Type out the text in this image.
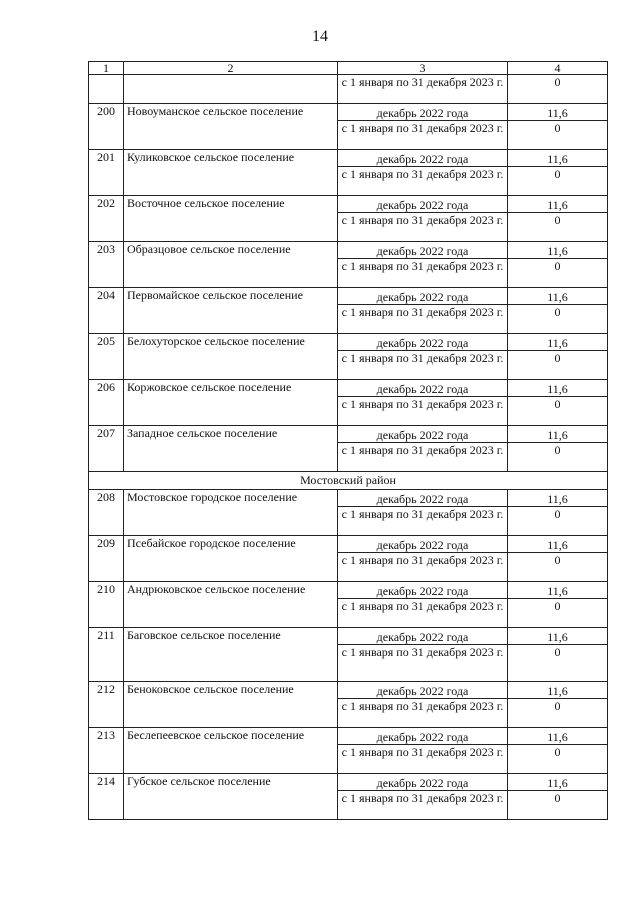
14
1	2	3	4
		с 1 января по 31 декабря 2023 г.	0
200	Новоуманское сельское поселение	декабрь 2022 года	11,6
		с 1 января по 31 декабря 2023 г.	0
201	Куликовское сельское поселение	декабрь 2022 года	11,6
		с 1 января по 31 декабря 2023 г.	0
202	Восточное сельское поселение	декабрь 2022 года	11,6
		с 1 января по 31 декабря 2023 г.	0
203	Образцовое сельское поселение	декабрь 2022 года	11,6
		с 1 января по 31 декабря 2023 г.	0
204	Первомайское сельское поселение	декабрь 2022 года	11,6
		с 1 января по 31 декабря 2023 г.	0
205	Белохуторское сельское поселение	декабрь 2022 года	11,6
		с 1 января по 31 декабря 2023 г.	0
206	Коржовское сельское поселение	декабрь 2022 года	11,6
		с 1 января по 31 декабря 2023 г.	0
207	Западное сельское поселение	декабрь 2022 года	11,6
		с 1 января по 31 декабря 2023 г.	0
Мостовский район			
208	Мостовское городское поселение	декабрь 2022 года	11,6
		с 1 января по 31 декабря 2023 г.	0
209	Псебайское городское поселение	декабрь 2022 года	11,6
		с 1 января по 31 декабря 2023 г.	0
210	Андрюковское сельское поселение	декабрь 2022 года	11,6
		с 1 января по 31 декабря 2023 г.	0
211	Баговское сельское поселение	декабрь 2022 года	11,6
		с 1 января по 31 декабря 2023 г.	0
212	Беноковское сельское поселение	декабрь 2022 года	11,6
		с 1 января по 31 декабря 2023 г.	0
213	Беслепеевское сельское поселение	декабрь 2022 года	11,6
		с 1 января по 31 декабря 2023 г.	0
214	Губское сельское поселение	декабрь 2022 года	11,6
		с 1 января по 31 декабря 2023 г.	0
